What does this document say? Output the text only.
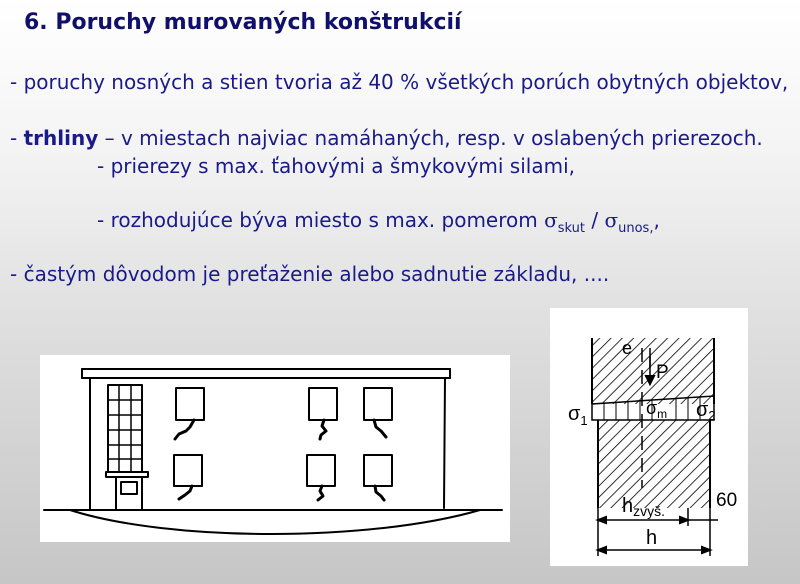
6. Poruchy murovaných konštrukcií
- poruchy nosných a stien tvoria až 40 % všetkých porúch obytných objektov,
- trhliny – v miestach najviac namáhaných, resp. v oslabených prierezoch.
- prierezy s max. ťahovými a šmykovými silami,
- rozhodujúce býva miesto s max. pomerom $\sigma_{skut} / \sigma_{unos,}$,
- častým dôvodom je preťaženie alebo sadnutie základu, ....
e
P
$\sigma_1$
$\sigma_m$ $\sigma_2$
$h_{zvyš.}$	60
h
